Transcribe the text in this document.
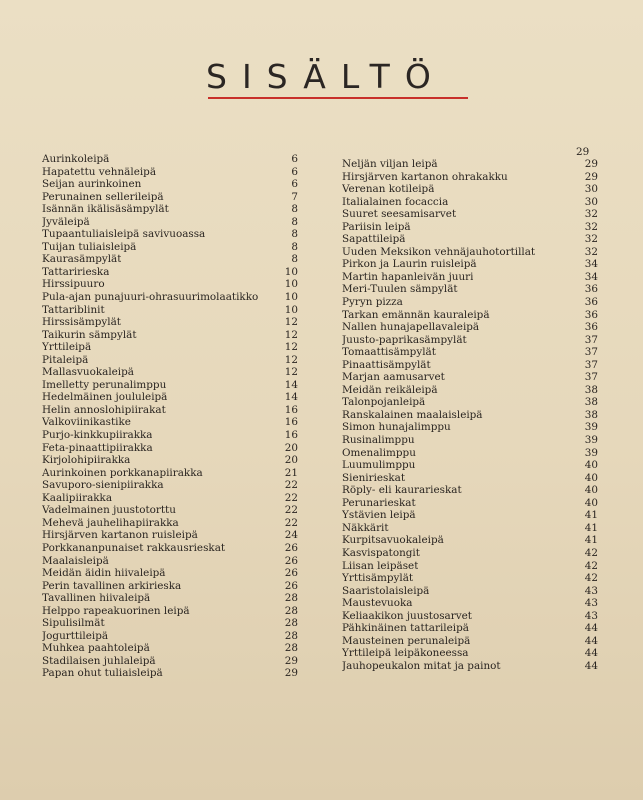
SISÄLTÖ
29
Aurinkoleipä	6
Hapatettu vehnäleipä	6
Seijan aurinkoinen	6
Perunainen sellerileipä	7
Isännän ikälisäsämpylät	8
Jyväleipä	8
Tupaantuliaisleipä savivuoassa	8
Tuijan tuliaisleipä	8
Kaurasämpylät	8
Tattaririeska	10
Hirssipuuro	10
Pula-ajan punajuuri-ohrasuurimolaatikko	10
Tattariblinit	10
Hirssisämpylät	12
Taikurin sämpylät	12
Yrttileipä	12
Pitaleipä	12
Mallasvuokaleipä	12
Imelletty perunalimppu	14
Hedelmäinen joululeipä	14
Helin annoslohipiirakat	16
Valkoviinikastike	16
Purjo-kinkkupiirakka	16
Feta-pinaattipiirakka	20
Kirjolohipiirakka	20
Aurinkoinen porkkanapiirakka	21
Savuporo-sienipiirakka	22
Kaalipiirakka	22
Vadelmainen juustotorttu	22
Mehevä jauhelihapiirakka	22
Hirsjärven kartanon ruisleipä	24
Porkkananpunaiset rakkausrieskat	26
Maalaisleipä	26
Meidän äidin hiivaleipä	26
Perin tavallinen arkirieska	26
Tavallinen hiivaleipä	28
Helppo rapeakuorinen leipä	28
Sipulisilmät	28
Jogurttileipä	28
Muhkea paahtoleipä	28
Stadilaisen juhlaleipä	29
Papan ohut tuliaisleipä	29
Neljän viljan leipä	29
Hirsjärven kartanon ohrakakku	29
Verenan kotileipä	30
Italialainen focaccia	30
Suuret seesamisarvet	32
Pariisin leipä	32
Sapattileipä	32
Uuden Meksikon vehnäjauhotortillat	32
Pirkon ja Laurin ruisleipä	34
Martin hapanleivän juuri	34
Meri-Tuulen sämpylät	36
Pyryn pizza	36
Tarkan emännän kauraleipä	36
Nallen hunajapellavaleipä	36
Juusto-paprikasämpylät	37
Tomaattisämpylät	37
Pinaattisämpylät	37
Marjan aamusarvet	37
Meidän reikäleipä	38
Talonpojanleipä	38
Ranskalainen maalaisleipä	38
Simon hunajalimppu	39
Rusinalimppu	39
Omenalimppu	39
Luumulimppu	40
Sienirieskat	40
Röply- eli kaurarieskat	40
Perunarieskat	40
Ystävien leipä	41
Näkkärit	41
Kurpitsavuokaleipä	41
Kasvispatongit	42
Liisan leipäset	42
Yrttisämpylät	42
Saaristolaisleipä	43
Maustevuoka	43
Keliaakikon juustosarvet	43
Pähkinäinen tattarileipä	44
Mausteinen perunaleipä	44
Yrttileipä leipäkoneessa	44
Jauhopeukalon mitat ja painot	44
